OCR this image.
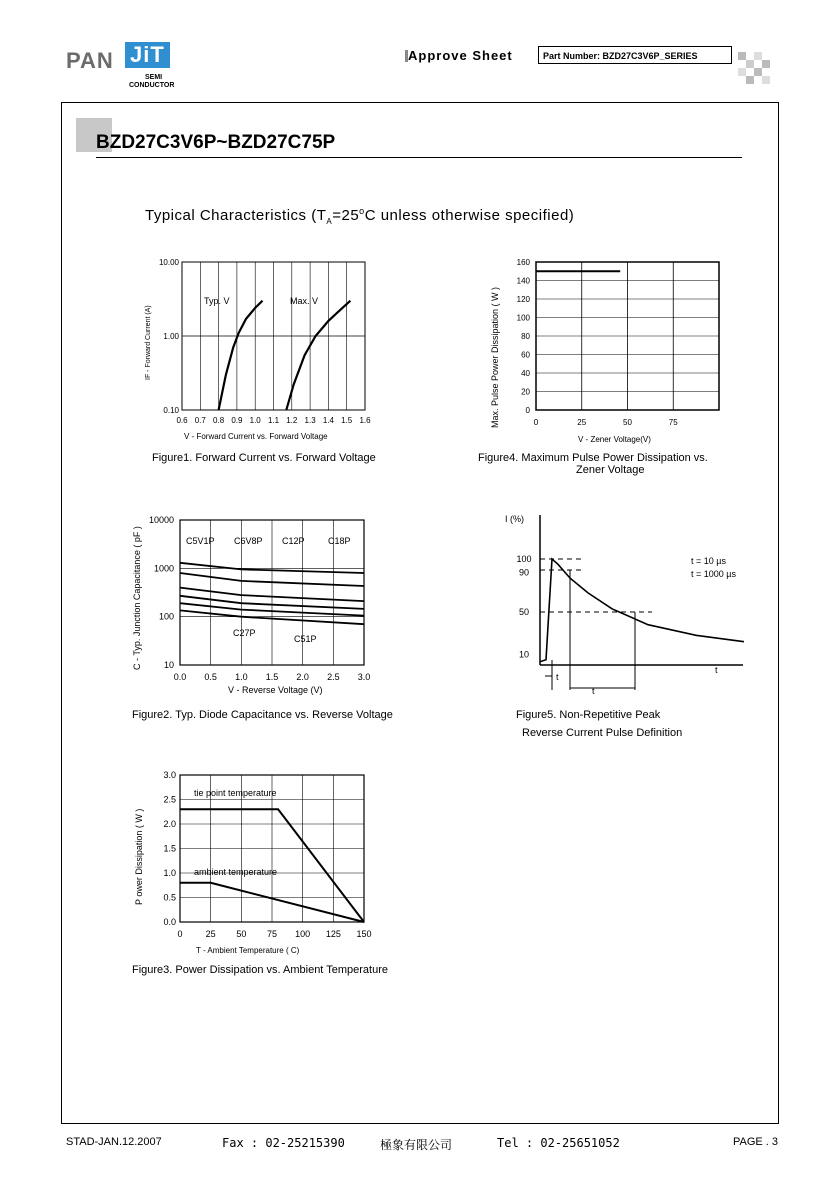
PAN JiT
SEMI
CONDUCTOR
Approve Sheet	Part Number: BZD27C3V6P_SERIES
BZD27C3V6P~BZD27C75P
Typical Characteristics ($T_A=25^oC$ unless otherwise specified)
0.6 0.7 0.8 0.9 1.0 1.1 1.2 1.3 1.4 1.5 1.6
0.10
1.00
10.00
Typ. V	Max. V
V - Forward Current vs. Forward Voltage
IF - Forward Current (A)
Figure1. Forward Current vs. Forward Voltage
0	25	50	75
0
20
40
60
80
100
120
140
160
V - Zener Voltage(V)
Max. Pulse Power Dissipation ( W )
Figure4. Maximum Pulse Power Dissipation vs.
Zener Voltage
0.0 0.5 1.0 1.5 2.0 2.5 3.0
10
100
1000
10000
C5V1P C6V8P C12P	C18P
C27P
C51P
V - Reverse Voltage (V)
C - Typ. Junction Capacitance ( pF )
Figure2. Typ. Diode Capacitance vs. Reverse Voltage
10
50
90
100
I (%)
t = 10 µs
t = 1000 µs
t
t
t
Figure5. Non-Repetitive Peak
Reverse Current Pulse Definition
0	25 50 75 100 125 150
0.0
0.5
1.0
1.5
2.0
2.5
3.0
tie point temperature
ambient temperature
T - Ambient Temperature ( C)
P ower Dissipation ( W )
Figure3. Power Dissipation vs. Ambient Temperature
STAD-JAN.12.2007	Fax : 02-25215390	極象有限公司	Tel : 02-25651052	PAGE . 3
